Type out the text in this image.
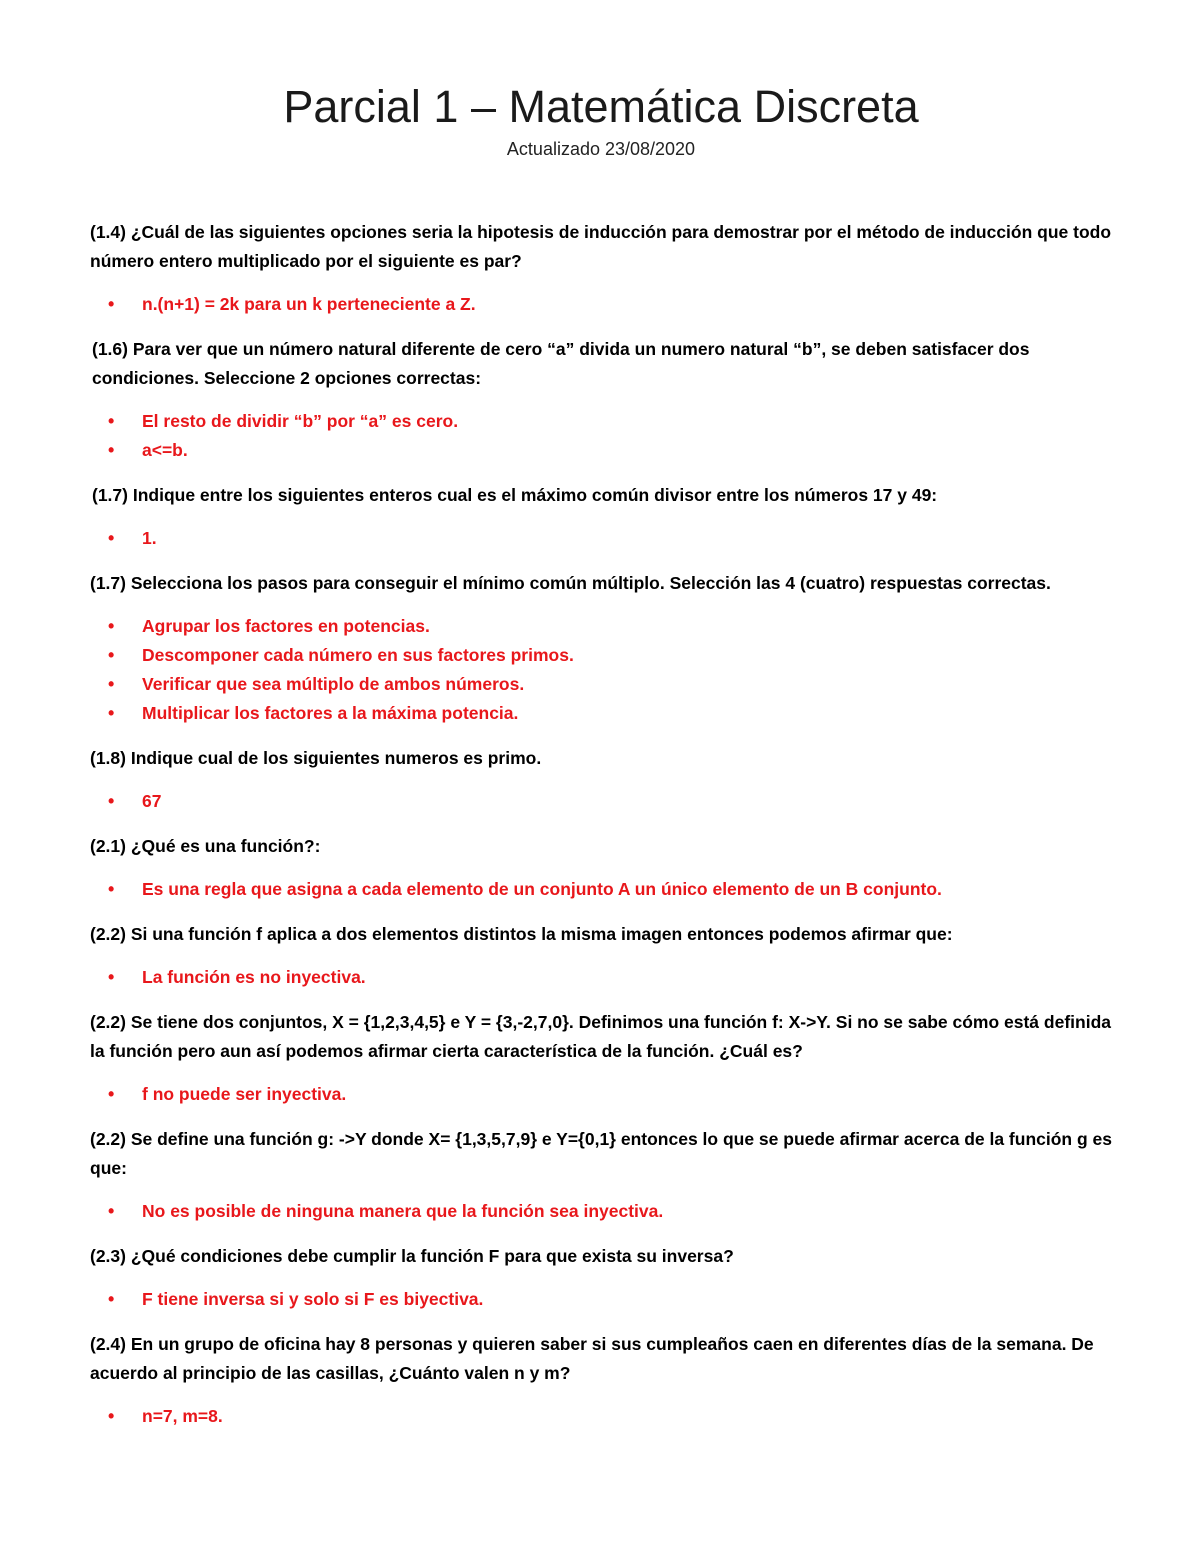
Parcial 1 – Matemática Discreta

Actualizado 23/08/2020

(1.4) ¿Cuál de las siguientes opciones seria la hipotesis de inducción para demostrar por el método de inducción que todo número entero multiplicado por el siguiente es par?

• n.(n+1) = 2k para un k perteneciente a Z.

(1.6) Para ver que un número natural diferente de cero “a” divida un numero natural “b”, se deben satisfacer dos condiciones. Seleccione 2 opciones correctas:

• El resto de dividir “b” por “a” es cero.
• a<=b.

(1.7) Indique entre los siguientes enteros cual es el máximo común divisor entre los números 17 y 49:

• 1.

(1.7) Selecciona los pasos para conseguir el mínimo común múltiplo. Selección las 4 (cuatro) respuestas correctas.

• Agrupar los factores en potencias.
• Descomponer cada número en sus factores primos.
• Verificar que sea múltiplo de ambos números.
• Multiplicar los factores a la máxima potencia.

(1.8) Indique cual de los siguientes numeros es primo.

• 67

(2.1) ¿Qué es una función?:

• Es una regla que asigna a cada elemento de un conjunto A un único elemento de un B conjunto.

(2.2) Si una función f aplica a dos elementos distintos la misma imagen entonces podemos afirmar que:

• La función es no inyectiva.

(2.2) Se tiene dos conjuntos, X = {1,2,3,4,5} e Y = {3,-2,7,0}. Definimos una función f: X->Y. Si no se sabe cómo está definida la función pero aun así podemos afirmar cierta característica de la función. ¿Cuál es?

• f no puede ser inyectiva.

(2.2) Se define una función g: ->Y donde X= {1,3,5,7,9} e Y={0,1} entonces lo que se puede afirmar acerca de la función g es que:

• No es posible de ninguna manera que la función sea inyectiva.

(2.3) ¿Qué condiciones debe cumplir la función F para que exista su inversa?

• F tiene inversa si y solo si F es biyectiva.

(2.4) En un grupo de oficina hay 8 personas y quieren saber si sus cumpleaños caen en diferentes días de la semana. De acuerdo al principio de las casillas, ¿Cuánto valen n y m?

• n=7, m=8.
